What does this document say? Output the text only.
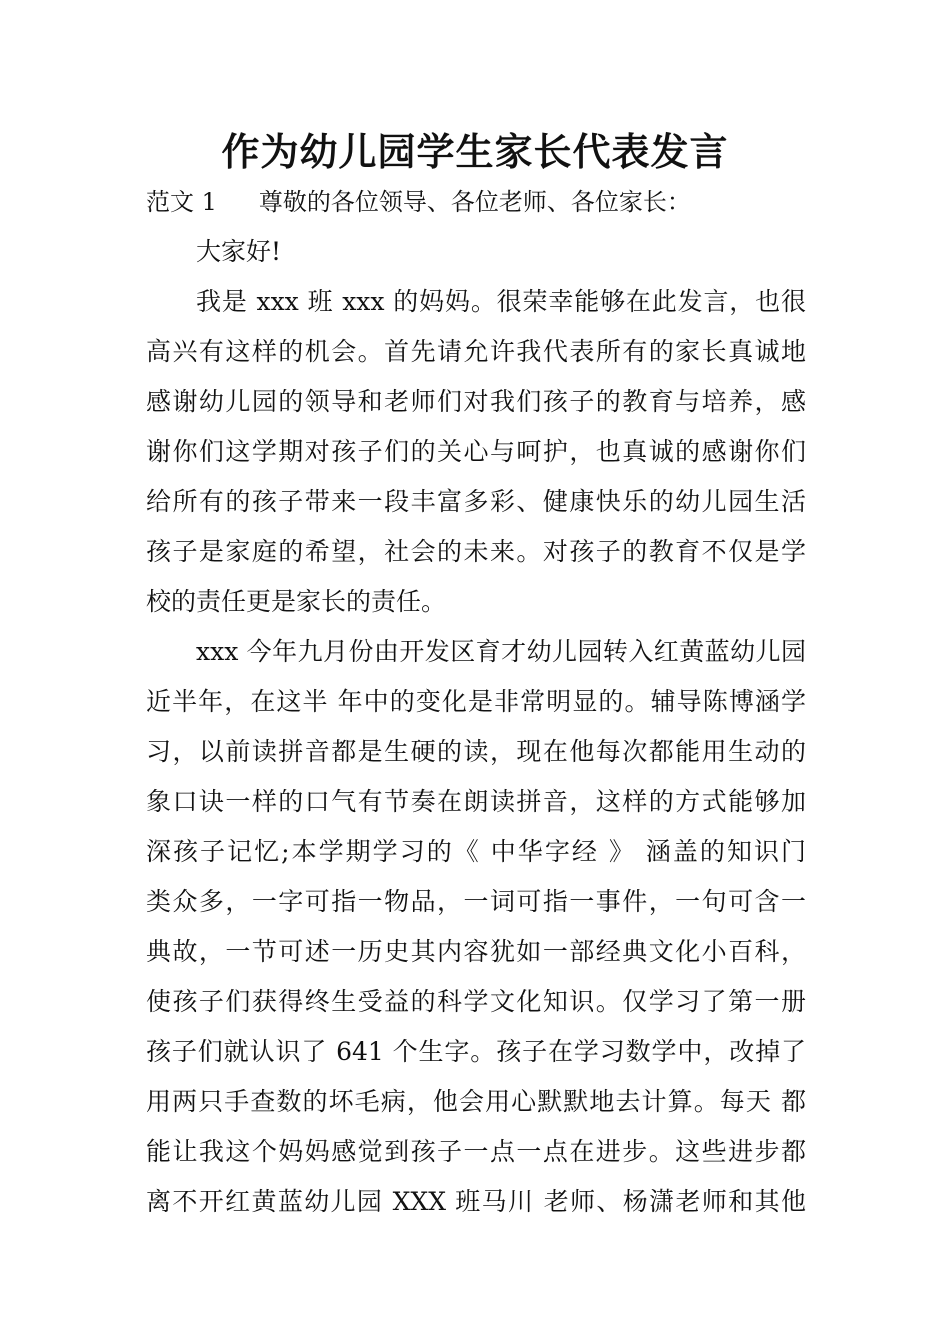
作为幼儿园学生家长代表发言
范文 1 尊敬的各位领导、各位老师、各位家长：

大家好!

我是 xxx 班 xxx 的妈妈。很荣幸能够在此发言，也很

高兴有这样的机会。首先请允许我代表所有的家长真诚地

感谢幼儿园的领导和老师们对我们孩子的教育与培养，感

谢你们这学期对孩子们的关心与呵护，也真诚的感谢你们

给所有的孩子带来一段丰富多彩、健康快乐的幼儿园生活

孩子是家庭的希望，社会的未来。对孩子的教育不仅是学

校的责任更是家长的责任。

xxx 今年九月份由开发区育才幼儿园转入红黄蓝幼儿园

近半年，在这半 年中的变化是非常明显的。辅导陈博涵学

习，以前读拼音都是生硬的读，现在他每次都能用生动的

象口诀一样的口气有节奏在朗读拼音，这样的方式能够加

深孩子记忆;本学期学习的《 中华字经 》 涵盖的知识门

类众多，一字可指一物品，一词可指一事件，一句可含一

典故，一节可述一历史其内容犹如一部经典文化小百科，

使孩子们获得终生受益的科学文化知识。仅学习了第一册

孩子们就认识了 641 个生字。孩子在学习数学中，改掉了

用两只手查数的坏毛病，他会用心默默地去计算。每天 都

能让我这个妈妈感觉到孩子一点一点在进步。这些进步都

离不开红黄蓝幼儿园 XXX 班马川 老师、杨潇老师和其他
